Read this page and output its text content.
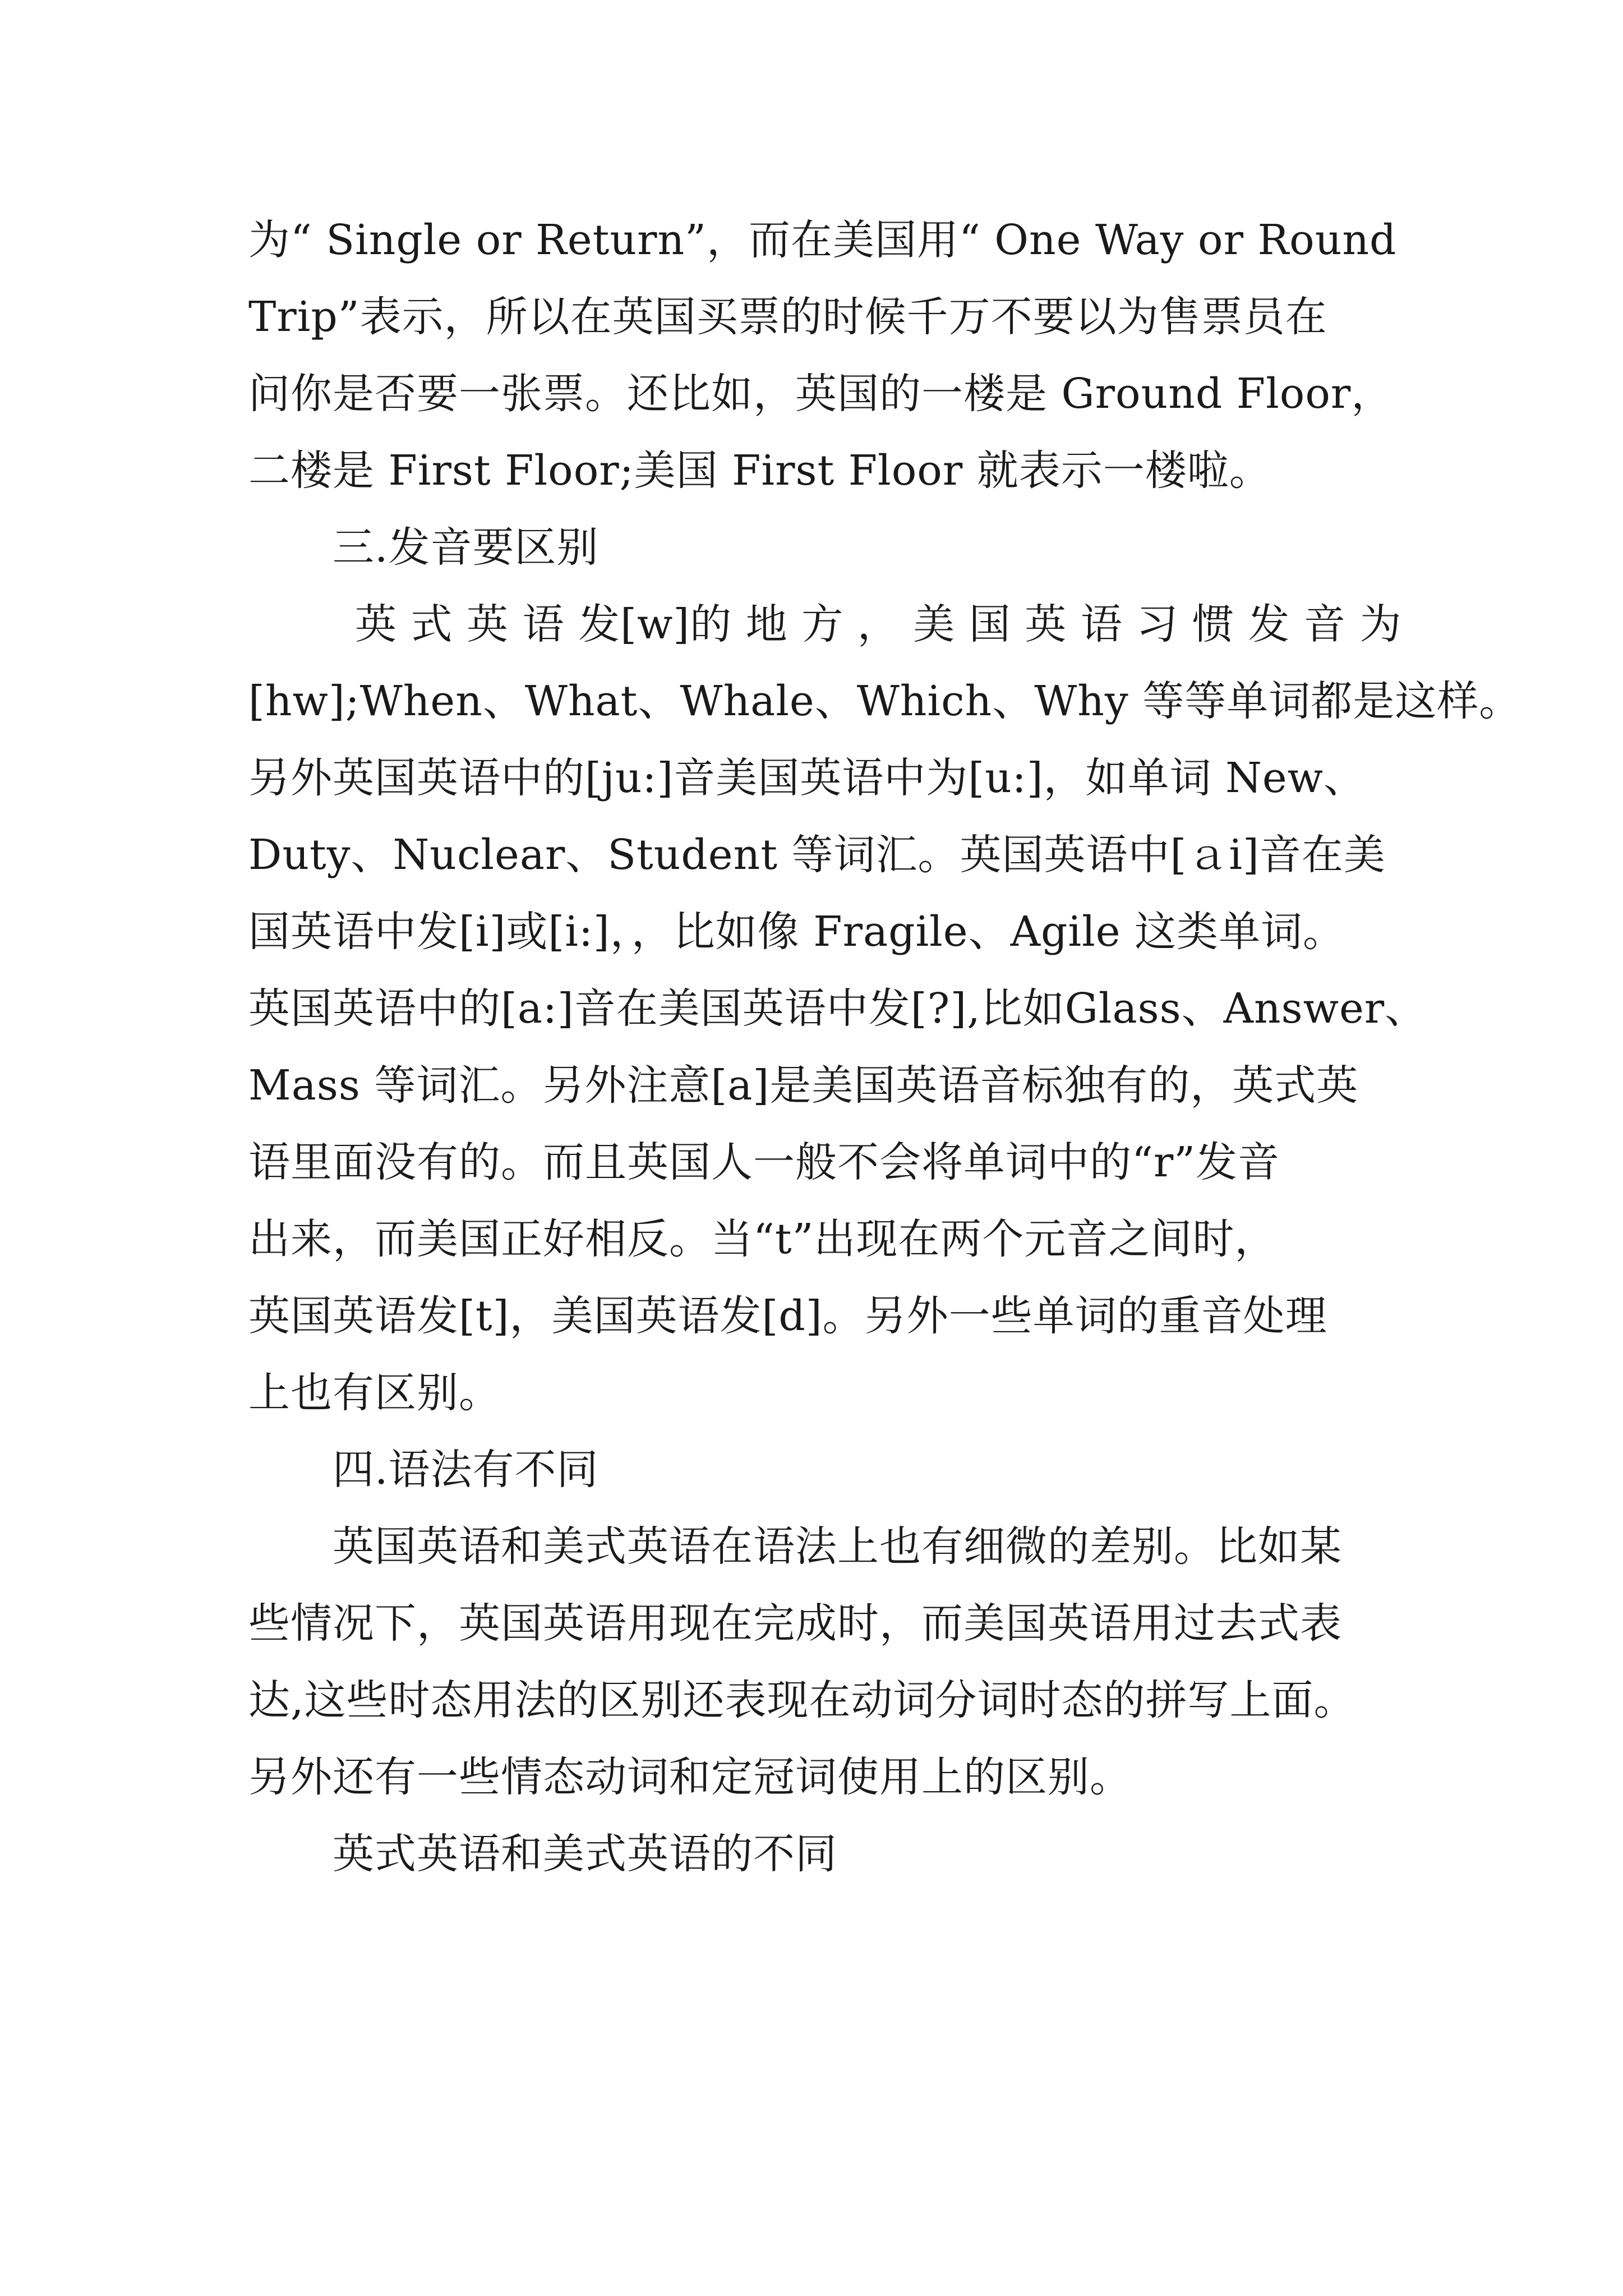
为“ Single or Return”，而在美国用“ One Way or Round
Trip”表示，所以在英国买票的时候千万不要以为售票员在
问你是否要一张票。还比如，英国的一楼是 Ground Floor，
二楼是 First Floor;美国 First Floor 就表示一楼啦。
三.发音要区别
英 式 英 语 发[w]的 地 方 ， 美 国 英 语 习 惯 发 音 为
[hw];When、What、Whale、Which、Why 等等单词都是这样。
另外英国英语中的[ju:]音美国英语中为[u:]，如单词 New、
Duty、Nuclear、Student 等词汇。英国英语中[ａi]音在美
国英语中发[i]或[i:]，，比如像 Fragile、Agile 这类单词。
英国英语中的[a:]音在美国英语中发[?],比如Glass、Answer、
Mass 等词汇。另外注意[a]是美国英语音标独有的，英式英
语里面没有的。而且英国人一般不会将单词中的“r”发音
出来，而美国正好相反。当“t”出现在两个元音之间时，
英国英语发[t]，美国英语发[d]。另外一些单词的重音处理
上也有区别。
四.语法有不同
英国英语和美式英语在语法上也有细微的差别。比如某
些情况下，英国英语用现在完成时，而美国英语用过去式表
达,这些时态用法的区别还表现在动词分词时态的拼写上面。
另外还有一些情态动词和定冠词使用上的区别。
英式英语和美式英语的不同
